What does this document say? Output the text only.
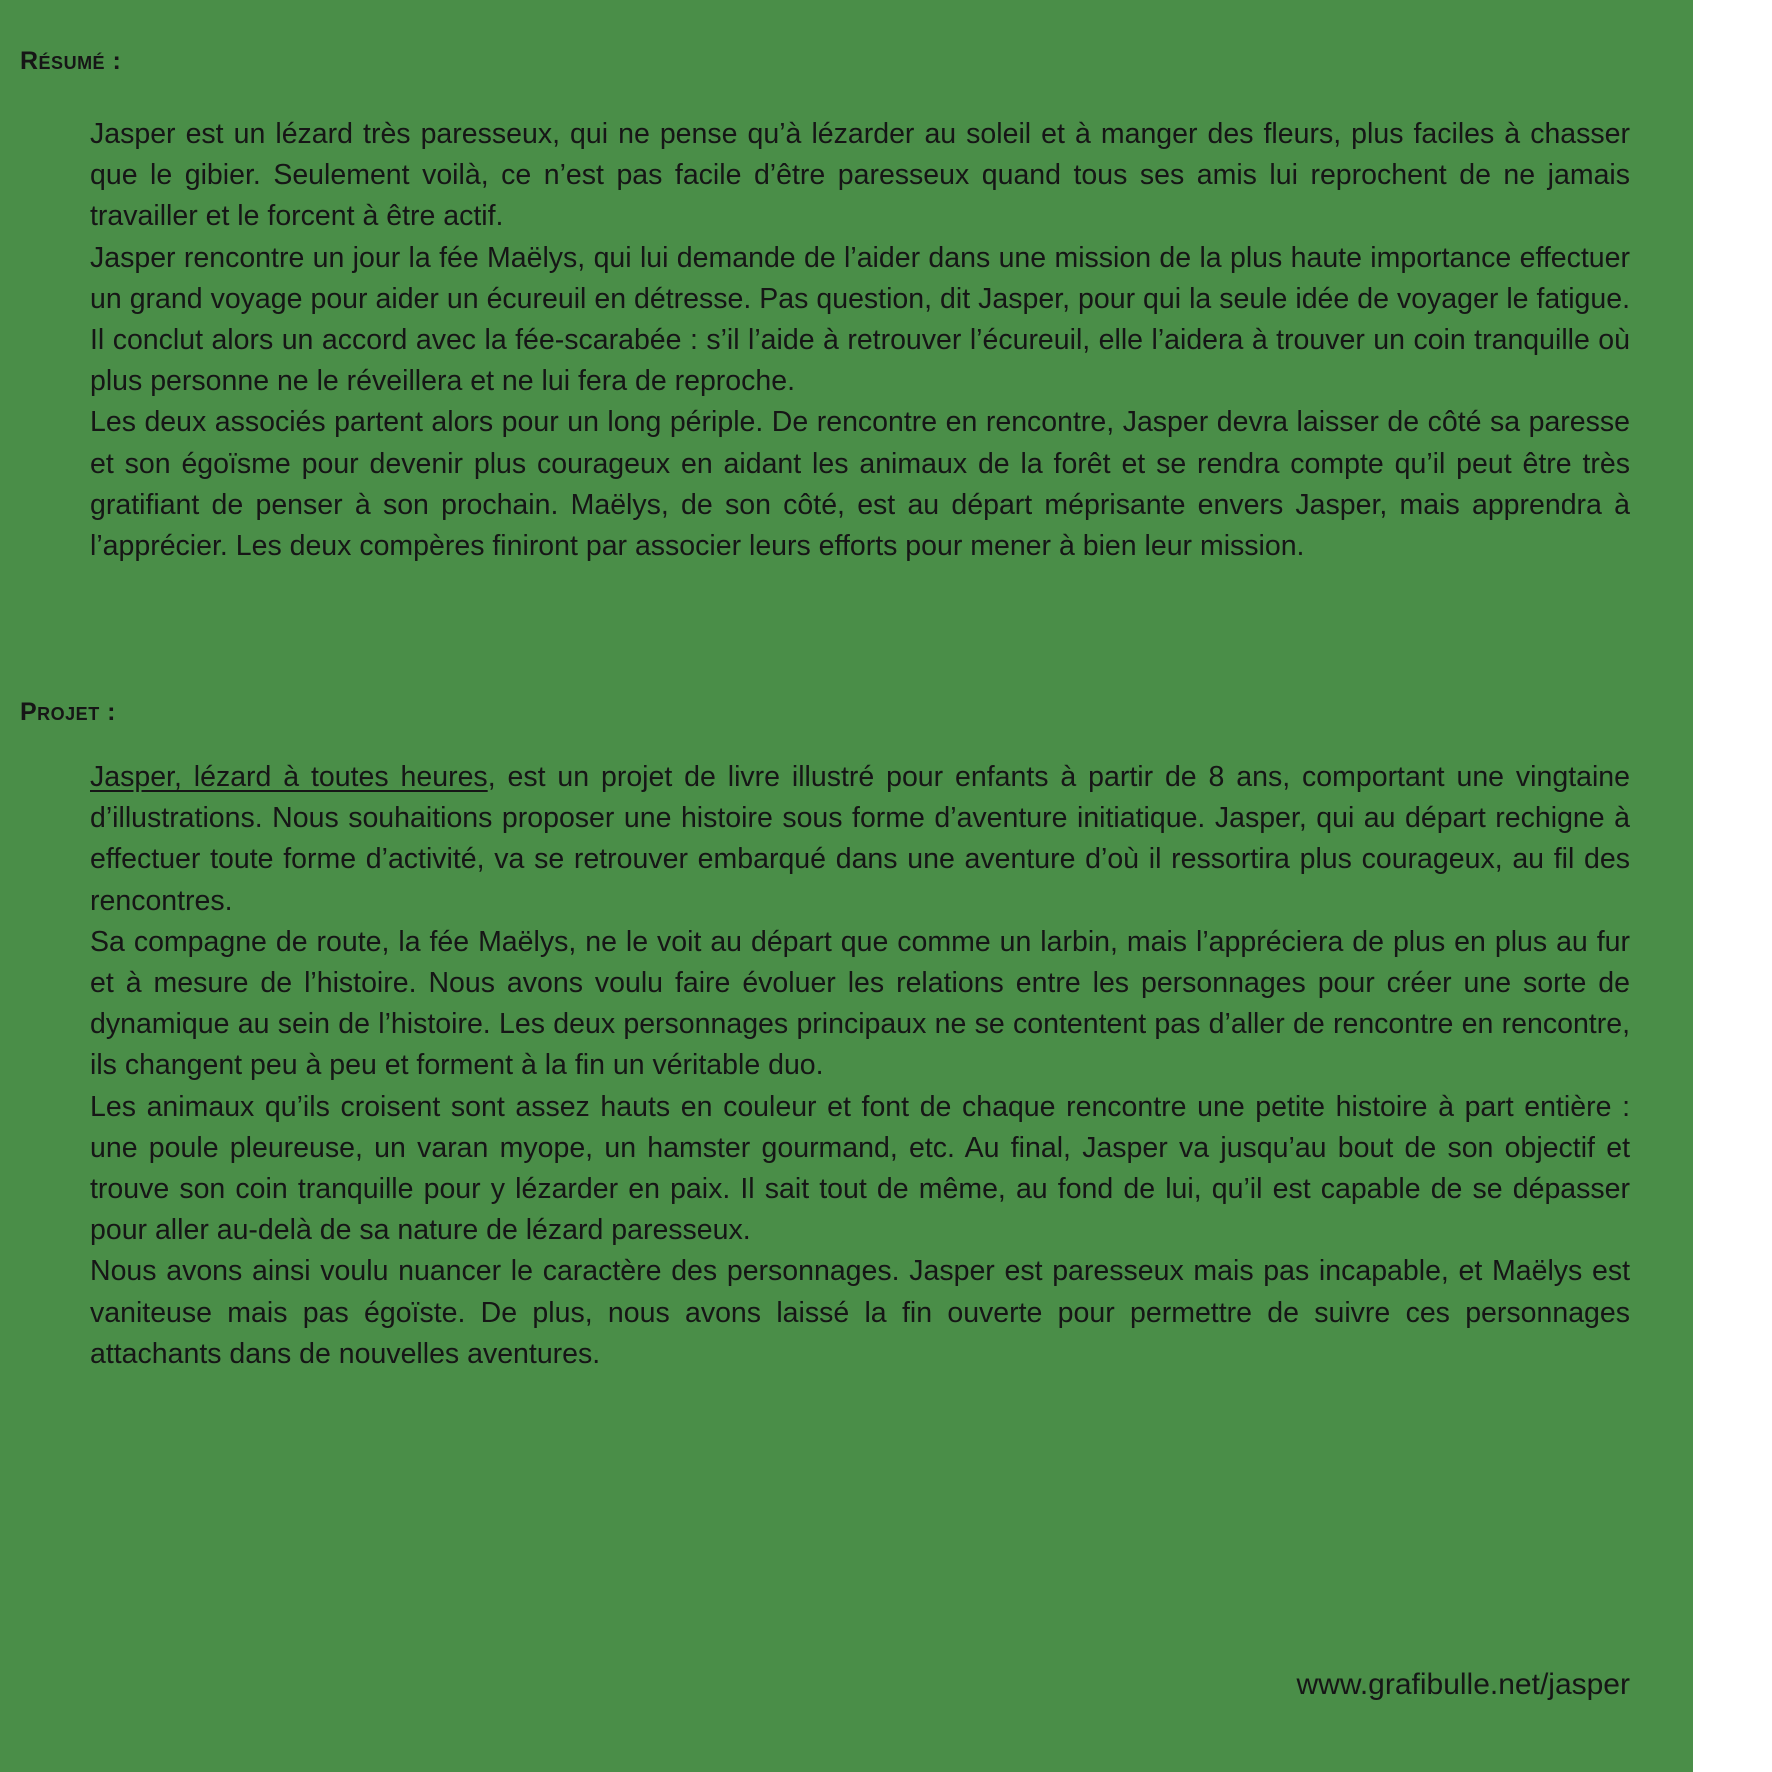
Résumé :

Jasper est un lézard très paresseux, qui ne pense qu’à lézarder au soleil et à manger des fleurs, plus faciles à chasser que le gibier. Seulement voilà, ce n’est pas facile d’être paresseux quand tous ses amis lui reprochent de ne jamais travailler et le forcent à être actif.

Jasper rencontre un jour la fée Maëlys, qui lui demande de l’aider dans une mission de la plus haute importance effectuer un grand voyage pour aider un écureuil en détresse. Pas question, dit Jasper, pour qui la seule idée de voyager le fatigue. Il conclut alors un accord avec la fée-scarabée : s’il l’aide à retrouver l’écureuil, elle l’aidera à trouver un coin tranquille où plus personne ne le réveillera et ne lui fera de reproche.

Les deux associés partent alors pour un long périple. De rencontre en rencontre, Jasper devra laisser de côté sa paresse et son égoïsme pour devenir plus courageux en aidant les animaux de la forêt et se rendra compte qu’il peut être très gratifiant de penser à son prochain. Maëlys, de son côté, est au départ méprisante envers Jasper, mais apprendra à l’apprécier. Les deux compères finiront par associer leurs efforts pour mener à bien leur mission.

Projet :

Jasper, lézard à toutes heures, est un projet de livre illustré pour enfants à partir de 8 ans, comportant une vingtaine d’illustrations. Nous souhaitions proposer une histoire sous forme d’aventure initiatique. Jasper, qui au départ rechigne à effectuer toute forme d’activité, va se retrouver embarqué dans une aventure d’où il ressortira plus courageux, au fil des rencontres.

Sa compagne de route, la fée Maëlys, ne le voit au départ que comme un larbin, mais l’appréciera de plus en plus au fur et à mesure de l’histoire. Nous avons voulu faire évoluer les relations entre les personnages pour créer une sorte de dynamique au sein de l’histoire. Les deux personnages principaux ne se contentent pas d’aller de rencontre en rencontre, ils changent peu à peu et forment à la fin un véritable duo.

Les animaux qu’ils croisent sont assez hauts en couleur et font de chaque rencontre une petite histoire à part entière : une poule pleureuse, un varan myope, un hamster gourmand, etc. Au final, Jasper va jusqu’au bout de son objectif et trouve son coin tranquille pour y lézarder en paix. Il sait tout de même, au fond de lui, qu’il est capable de se dépasser pour aller au-delà de sa nature de lézard paresseux.

Nous avons ainsi voulu nuancer le caractère des personnages. Jasper est paresseux mais pas incapable, et Maëlys est vaniteuse mais pas égoïste. De plus, nous avons laissé la fin ouverte pour permettre de suivre ces personnages attachants dans de nouvelles aventures.

www.grafibulle.net/jasper
